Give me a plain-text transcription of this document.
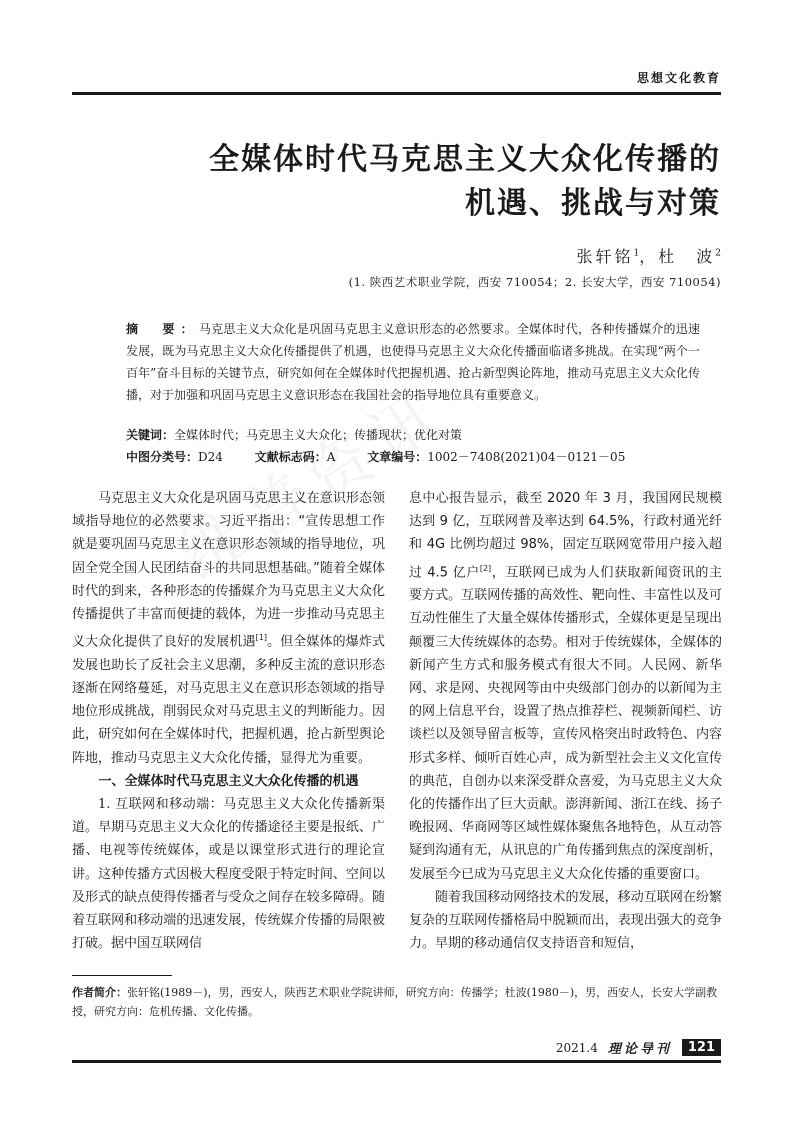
思想文化教育
全媒体时代马克思主义大众化传播的
机遇、挑战与对策
张轩铭$^1$，杜　波$^2$
(1. 陕西艺术职业学院，西安 710054；2. 长安大学，西安 710054)
摘　要：马克思主义大众化是巩固马克思主义意识形态的必然要求。全媒体时代，各种传播媒介的迅速发展，既为马克思主义大众化传播提供了机遇，也使得马克思主义大众化传播面临诸多挑战。在实现“两个一百年”奋斗目标的关键节点，研究如何在全媒体时代把握机遇、抢占新型舆论阵地，推动马克思主义大众化传播，对于加强和巩固马克思主义意识形态在我国社会的指导地位具有重要意义。
关键词：全媒体时代；马克思主义大众化；传播现状；优化对策
中图分类号：D24	文献标志码：A	文章编号：1002－7408(2021)04－0121－05

马克思主义大众化是巩固马克思主义在意识形态领域指导地位的必然要求。习近平指出：“宣传思想工作就是要巩固马克思主义在意识形态领域的指导地位，巩固全党全国人民团结奋斗的共同思想基础。”随着全媒体时代的到来，各种形态的传播媒介为马克思主义大众化传播提供了丰富而便捷的载体，为进一步推动马克思主义大众化提供了良好的发展机遇[1]。但全媒体的爆炸式发展也助长了反社会主义思潮，多种反主流的意识形态逐渐在网络蔓延，对马克思主义在意识形态领域的指导地位形成挑战，削弱民众对马克思主义的判断能力。因此，研究如何在全媒体时代，把握机遇，抢占新型舆论阵地，推动马克思主义大众化传播，显得尤为重要。

一、全媒体时代马克思主义大众化传播的机遇

1. 互联网和移动端：马克思主义大众化传播新渠道。早期马克思主义大众化的传播途径主要是报纸、广播、电视等传统媒体，或是以课堂形式进行的理论宣讲。这种传播方式因极大程度受限于特定时间、空间以及形式的缺点使得传播者与受众之间存在较多障碍。随着互联网和移动端的迅速发展，传统媒介传播的局限被打破。据中国互联网信

息中心报告显示，截至 2020 年 3 月，我国网民规模达到 9 亿，互联网普及率达到 64.5%，行政村通光纤和 4G 比例均超过 98%，固定互联网宽带用户接入超过 4.5 亿户[2]，互联网已成为人们获取新闻资讯的主要方式。互联网传播的高效性、靶向性、丰富性以及可互动性催生了大量全媒体传播形式，全媒体更是呈现出颠覆三大传统媒体的态势。相对于传统媒体，全媒体的新闻产生方式和服务模式有很大不同。人民网、新华网、求是网、央视网等由中央级部门创办的以新闻为主的网上信息平台，设置了热点推荐栏、视频新闻栏、访谈栏以及领导留言板等，宣传风格突出时政特色、内容形式多样、倾听百姓心声，成为新型社会主义文化宣传的典范，自创办以来深受群众喜爱，为马克思主义大众化的传播作出了巨大贡献。澎湃新闻、浙江在线、扬子晚报网、华商网等区域性媒体聚焦各地特色，从互动答疑到沟通有无，从讯息的广角传播到焦点的深度剖析，发展至今已成为马克思主义大众化传播的重要窗口。

随着我国移动网络技术的发展，移动互联网在纷繁复杂的互联网传播格局中脱颖而出，表现出强大的竞争力。早期的移动通信仅支持语音和短信，

作者简介：张轩铭(1989－)，男，西安人，陕西艺术职业学院讲师，研究方向：传播学；杜波(1980－)，男，西安人，长安大学副教授，研究方向：危机传播、文化传播。
2021.4 理论导刊	121
